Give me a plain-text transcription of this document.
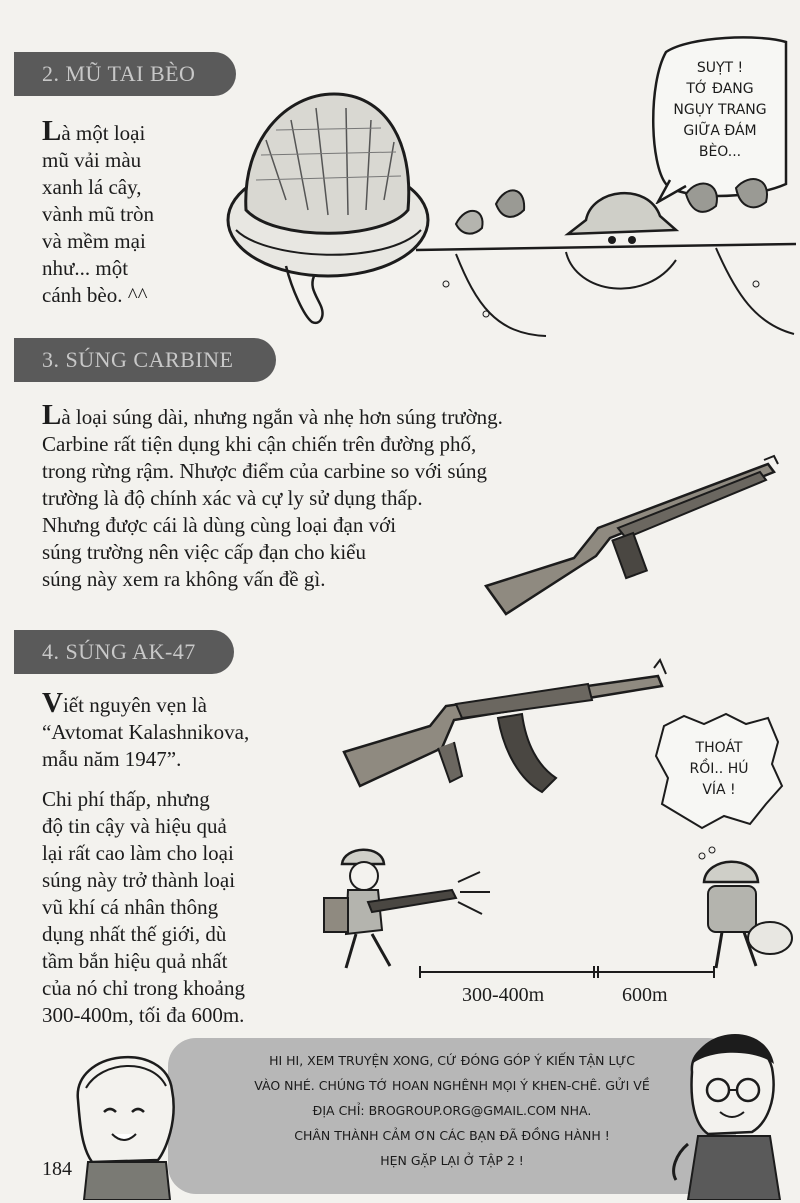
2. MŨ TAI BÈO
Là một loại
mũ vải màu
xanh lá cây,
vành mũ tròn
và mềm mại
như... một
cánh bèo. ^^
SUỴT !
TỚ ĐANG
NGỤY TRANG
GIỮA ĐÁM
BÈO...
3. SÚNG CARBINE
Là loại súng dài, nhưng ngắn và nhẹ hơn súng trường.
Carbine rất tiện dụng khi cận chiến trên đường phố,
trong rừng rậm. Nhược điểm của carbine so với súng
trường là độ chính xác và cự ly sử dụng thấp.
Nhưng được cái là dùng cùng loại đạn với
súng trường nên việc cấp đạn cho kiểu
súng này xem ra không vấn đề gì.
4. SÚNG AK-47
Viết nguyên vẹn là
“Avtomat Kalashnikova,
mẫu năm 1947”.
Chi phí thấp, nhưng
độ tin cậy và hiệu quả
lại rất cao làm cho loại
súng này trở thành loại
vũ khí cá nhân thông
dụng nhất thế giới, dù
tầm bắn hiệu quả nhất
của nó chỉ trong khoảng
300-400m, tối đa 600m.
THOÁT
RỒI.. HÚ
VÍA !
300-400m	600m
HI HI, XEM TRUYỆN XONG, CỨ ĐÓNG GÓP Ý KIẾN TẬN LỰC
VÀO NHÉ. CHÚNG TỚ HOAN NGHÊNH MỌI Ý KHEN-CHÊ. GỬI VỀ
ĐỊA CHỈ: BROGROUP.ORG@GMAIL.COM NHA.
CHÂN THÀNH CẢM ƠN CÁC BẠN ĐÃ ĐỒNG HÀNH !
HẸN GẶP LẠI Ở TẬP 2 !
184
